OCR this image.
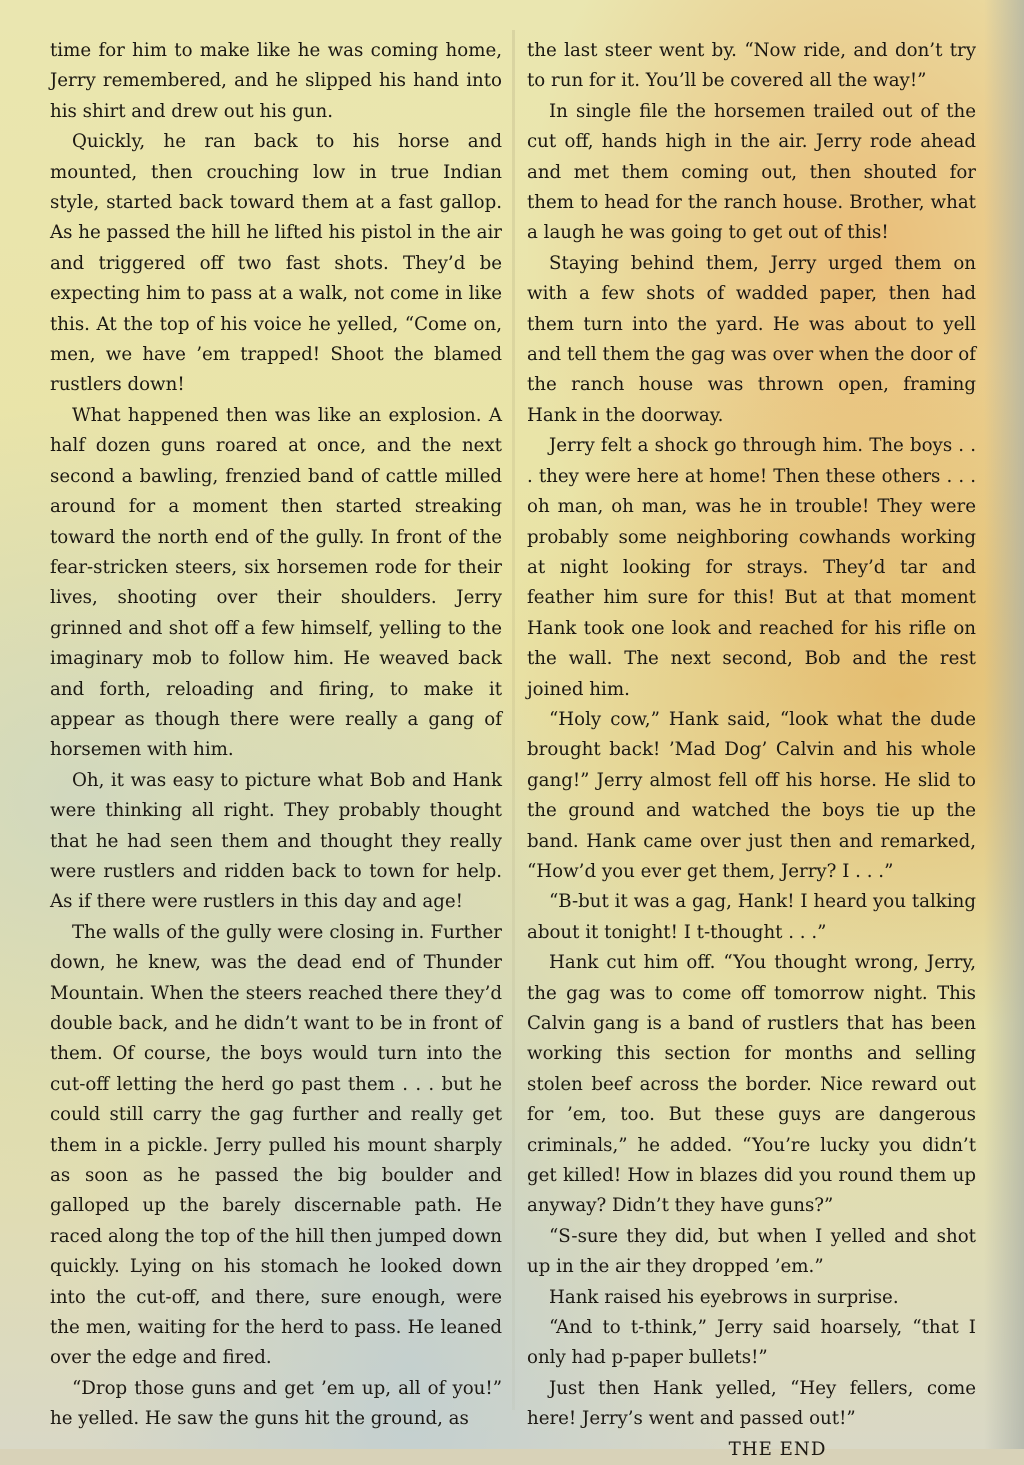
time for him to make like he was coming home, Jerry remembered, and he slipped his hand into his shirt and drew out his gun.

Quickly, he ran back to his horse and mounted, then crouching low in true Indian style, started back toward them at a fast gallop. As he passed the hill he lifted his pistol in the air and triggered off two fast shots. They’d be expecting him to pass at a walk, not come in like this. At the top of his voice he yelled, “Come on, men, we have ’em trapped! Shoot the blamed rustlers down!

What happened then was like an explosion. A half dozen guns roared at once, and the next second a bawling, frenzied band of cattle milled around for a moment then started streaking toward the north end of the gully. In front of the fear-stricken steers, six horsemen rode for their lives, shooting over their shoulders. Jerry grinned and shot off a few himself, yelling to the imaginary mob to follow him. He weaved back and forth, reloading and firing, to make it appear as though there were really a gang of horsemen with him.

Oh, it was easy to picture what Bob and Hank were thinking all right. They probably thought that he had seen them and thought they really were rustlers and ridden back to town for help. As if there were rustlers in this day and age!

The walls of the gully were closing in. Further down, he knew, was the dead end of Thunder Mountain. When the steers reached there they’d double back, and he didn’t want to be in front of them. Of course, the boys would turn into the cut-off letting the herd go past them . . . but he could still carry the gag further and really get them in a pickle. Jerry pulled his mount sharply as soon as he passed the big boulder and galloped up the barely discernable path. He raced along the top of the hill then jumped down quickly. Lying on his stomach he looked down into the cut-off, and there, sure enough, were the men, waiting for the herd to pass. He leaned over the edge and fired.

“Drop those guns and get ’em up, all of you!” he yelled. He saw the guns hit the ground, as

the last steer went by. “Now ride, and don’t try to run for it. You’ll be covered all the way!”

In single file the horsemen trailed out of the cut off, hands high in the air. Jerry rode ahead and met them coming out, then shouted for them to head for the ranch house. Brother, what a laugh he was going to get out of this!

Staying behind them, Jerry urged them on with a few shots of wadded paper, then had them turn into the yard. He was about to yell and tell them the gag was over when the door of the ranch house was thrown open, framing Hank in the doorway.

Jerry felt a shock go through him. The boys . . . they were here at home! Then these others . . . oh man, oh man, was he in trouble! They were probably some neighboring cowhands working at night looking for strays. They’d tar and feather him sure for this! But at that moment Hank took one look and reached for his rifle on the wall. The next second, Bob and the rest joined him.

“Holy cow,” Hank said, “look what the dude brought back! ’Mad Dog’ Calvin and his whole gang!” Jerry almost fell off his horse. He slid to the ground and watched the boys tie up the band. Hank came over just then and remarked, “How’d you ever get them, Jerry? I . . .”

“B-but it was a gag, Hank! I heard you talking about it tonight! I t-thought . . .”

Hank cut him off. “You thought wrong, Jerry, the gag was to come off tomorrow night. This Calvin gang is a band of rustlers that has been working this section for months and selling stolen beef across the border. Nice reward out for ’em, too. But these guys are dangerous criminals,” he added. “You’re lucky you didn’t get killed! How in blazes did you round them up anyway? Didn’t they have guns?”

“S-sure they did, but when I yelled and shot up in the air they dropped ’em.”

Hank raised his eyebrows in surprise.

“And to t-think,” Jerry said hoarsely, “that I only had p-paper bullets!”

Just then Hank yelled, “Hey fellers, come here! Jerry’s went and passed out!”

THE END
